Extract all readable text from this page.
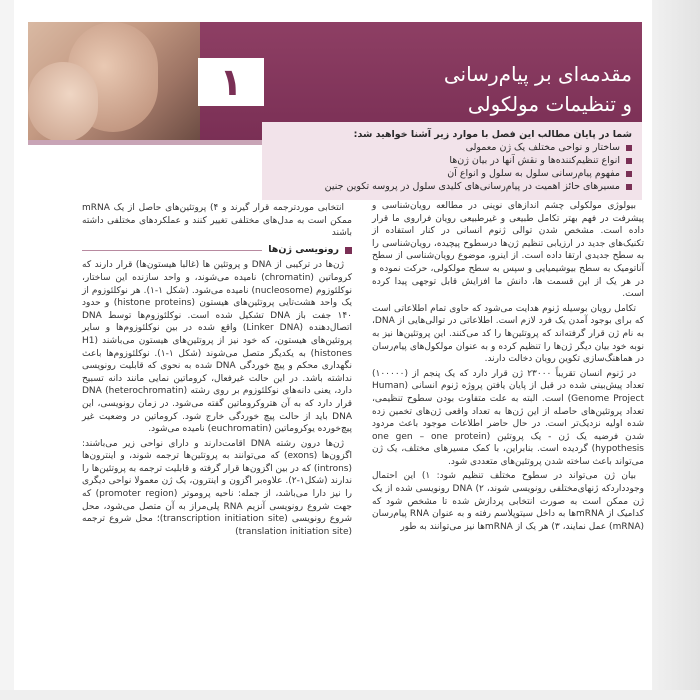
۱	مقدمه‌ای بر پیام‌رسانی
و تنظیمات مولکولی
شما در پایان مطالب این فصل با موارد زیر آشنا خواهید شد:
ساختار و نواحی مختلف یک ژن معمولی
انواع تنظیم‌کننده‌ها و نقش آنها در بیان ژن‌ها
مفهوم پیام‌رسانی سلول به سلول و انواع آن
مسیرهای حائز اهمیت در پیام‌رسانی‌های کلیدی سلول در پروسه تکوین جنین

بیولوژی مولکولی چشم اندازهای نوینی در مطالعه رویان‌شناسی و پیشرفت در فهم بهتر تکامل طبیعی و غیرطبیعی رویان فراروی ما قرار داده است. مشخص شدن توالی ژنوم انسانی در کنار استفاده از تکنیک‌های جدید در ارزیابی تنظیم ژن‌ها درسطوح پیچیده، رویان‌شناسی را به سطح جدیدی ارتقا داده است. از اینرو، موضوع رویان‌شناسی از سطح آناتومیک به سطح بیوشیمیایی و سپس به سطح مولکولی، حرکت نموده و در هر یک از این قسمت ها، دانش ما افزایش قابل توجهی پیدا کرده است.

تکامل رویان بوسیله ژنوم هدایت می‌شود که حاوی تمام اطلاعاتی است که برای بوجود آمدن یک فرد لازم است. اطلاعاتی در توالی‌هایی از DNA، به نام ژن قرار گرفته‌اند که پروتئین‌ها را کد می‌کنند. این پروتئین‌ها نیز به نوبه خود بیان دیگر ژن‌ها را تنظیم کرده و به عنوان مولکول‌های پیام‌رسان در هماهنگ‌سازی تکوین رویان دخالت دارند.

در ژنوم انسان تقریباً ۲۳۰۰۰ ژن قرار دارد که یک پنجم از (۱۰۰۰۰۰) تعداد پیش‌بینی شده در قبل از پایان یافتن پروژه ژنوم انسانی (Human Genome Project) است. البته به علت متفاوت بودن سطوح تنظیمی، تعداد پروتئین‌های حاصله از این ژن‌ها به تعداد واقعی ژن‌های تخمین زده شده اولیه نزدیک‌تر است. در حال حاضر اطلاعات موجود باعث مردود شدن فرضیه یک ژن - یک پروتئین (one gen – one protein hypothesis) گردیده است. بنابراین، با کمک مسیرهای مختلف، یک ژن می‌تواند باعث ساخته شدن پروتئین‌های متعددی شود.

بیان ژن می‌تواند در سطوح مختلف تنظیم شود: ۱) این احتمال وجوددارد‌که ‌ژنهای‌مختلفی رونویسی شوند، ۲) DNA رونویسی شده از یک ژن ممکن است به صورت انتخابی پردازش شده تا مشخص شود که کدامیک از mRNAها به داخل سیتوپلاسم رفته و به عنوان RNA پیام‌رسان (mRNA) عمل نمایند، ۳) هر یک از mRNAها نیز می‌توانند به طور

انتخابی موردترجمه قرار گیرند و ۴) پروتئین‌های حاصل از یک mRNA ممکن است به مدل‌های مختلفی تغییر کنند و عملکردهای مختلفی داشته باشند

رونویسی ژن‌ها

ژن‌ها در ترکیبی از DNA و پروتئین ها (غالبا هیستون‌ها) قرار دارند که کروماتین (chromatin) نامیده می‌شوند، و واحد سازنده این ساختار، نوکلئوزوم (nucleosome) نامیده می‌شود. (شکل ۱-۱). هر نوکلئوزوم از یک واحد هشت‌تایی پروتئین‌های هیستون (histone proteins) و حدود ۱۴۰ جفت باز DNA تشکیل شده است. نوکلئوزوم‌ها توسط DNA اتصال‌دهنده (Linker DNA) واقع شده در بین نوکلئوزوم‌ها و سایر پروتئین‌های هیستون، که خود نیز از پروتئین‌های هیستون می‌باشند (H1 histones) به یکدیگر متصل می‌شوند (شکل ۱-۱). نوکلئوزوم‌ها باعث نگهداری محکم و پیچ خوردگی DNA شده به نحوی که قابلیت رونویسی نداشته باشد. در این حالت غیرفعال، کروماتین نمایی مانند دانه تسبیح دارد، یعنی دانه‌های نوکلئوزوم بر روی رشته DNA (heterochromatin) قرار دارد که به آن هتروکروماتین گفته می‌شود. در زمان رونویسی، این DNA باید از حالت پیچ خوردگی خارج شود. کروماتین در وضعیت غیر پیچ‌خورده یوکروماتین (euchromatin) نامیده می‌شود.

ژن‌ها درون رشته DNA اقامت‌دارند و دارای نواحی زیر می‌باشند: اگزون‌ها (exons) که می‌توانند به پروتئین‌ها ترجمه شوند، و اینترون‌ها (introns) که در بین اگزون‌ها قرار گرفته و قابلیت ترجمه به پروتئین‌ها را ندارند (شکل۱-۲). علاوه‌بر اگزون و اینترون، یک ژن معمولا نواحی دیگری را نیز دارا می‌باشد، از جمله: ناحیه پروموتر (promoter region) که جهت شروع رونویسی آنزیم RNA پلی‌مراز به آن متصل می‌شود، محل شروع رونویسی (transcription initiation site)؛ محل شروع ترجمه (translation initiation site)
